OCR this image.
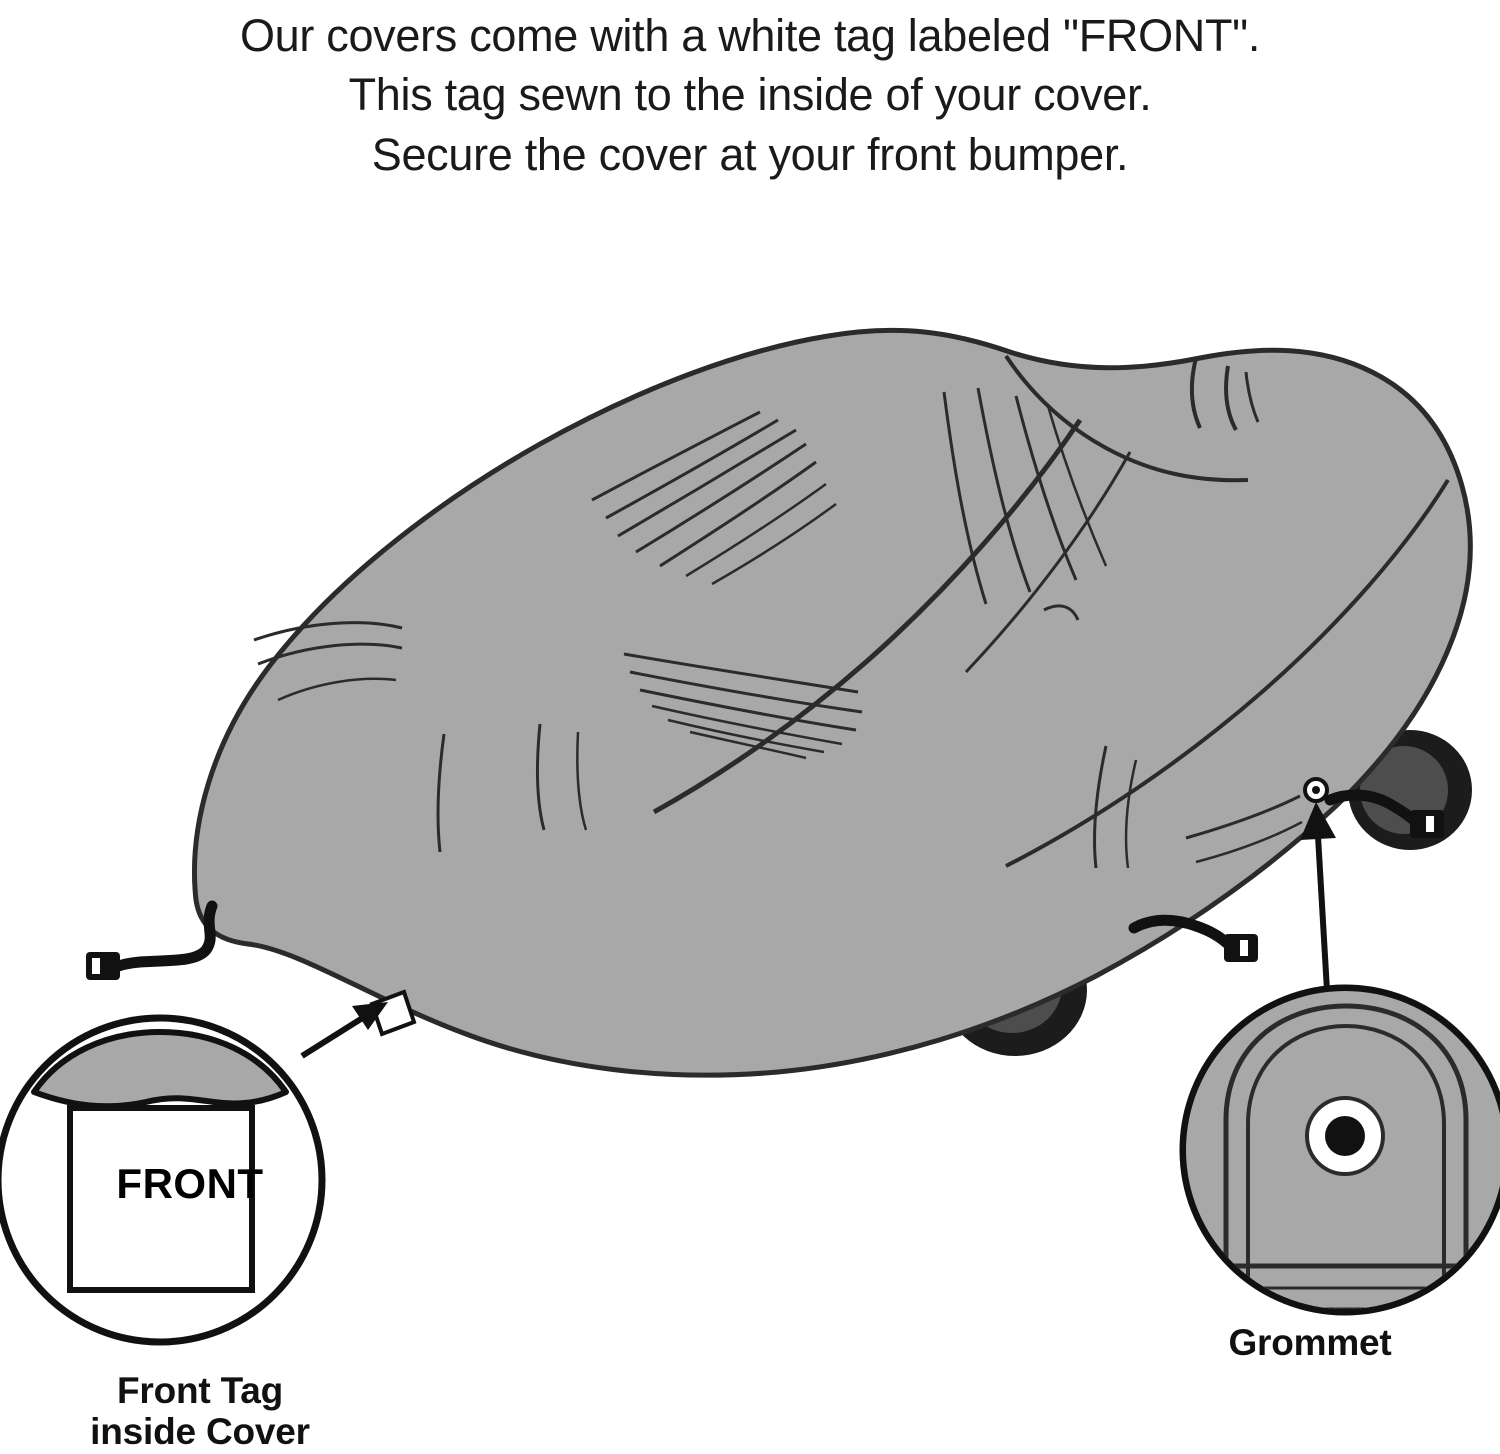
Our covers come with a white tag labeled "FRONT".
This tag sewn to the inside of your cover.
Secure the cover at your front bumper.
FRONT
Front Tag
inside Cover
Grommet
